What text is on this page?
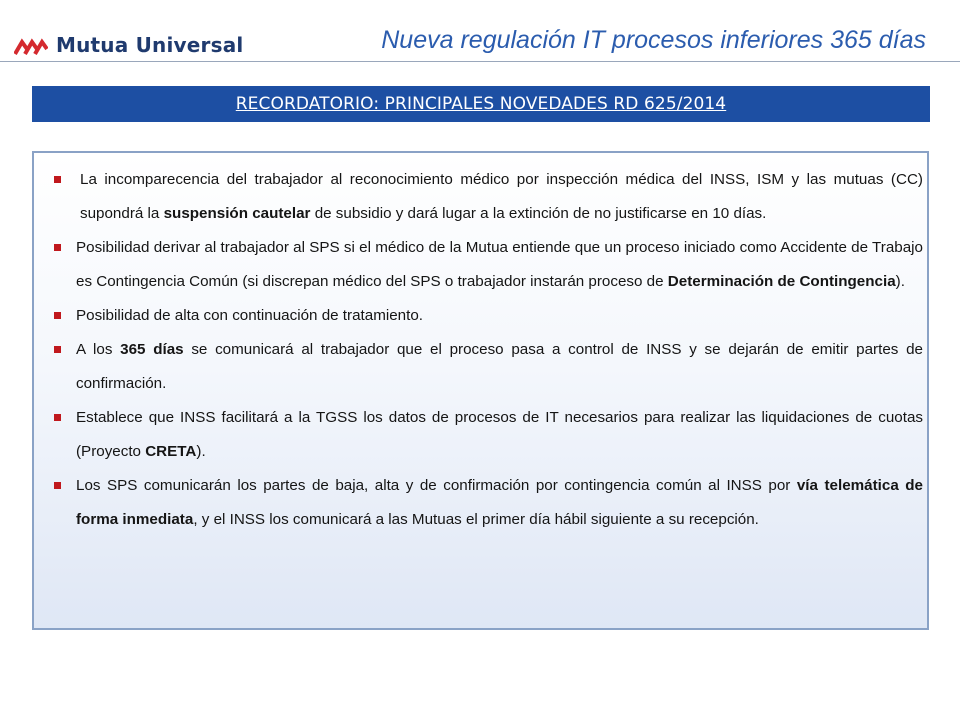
Mutua Universal	Nueva regulación IT procesos inferiores 365 días
RECORDATORIO: PRINCIPALES NOVEDADES RD 625/2014
La incomparecencia del trabajador al reconocimiento médico por inspección médica del INSS, ISM y las mutuas (CC) supondrá la suspensión cautelar de subsidio y dará lugar a la extinción de no justificarse en 10 días.
Posibilidad derivar al trabajador al SPS si el médico de la Mutua entiende que un proceso iniciado como Accidente de Trabajo es Contingencia Común (si discrepan médico del SPS o trabajador instarán proceso de Determinación de Contingencia).
Posibilidad de alta con continuación de tratamiento.
A los 365 días se comunicará al trabajador que el proceso pasa a control de INSS y se dejarán de emitir partes de confirmación.
Establece que INSS facilitará a la TGSS los datos de procesos de IT necesarios para realizar las liquidaciones de cuotas (Proyecto CRETA).
Los SPS comunicarán los partes de baja, alta y de confirmación por contingencia común al INSS por vía telemática de forma inmediata, y el INSS los comunicará a las Mutuas el primer día hábil siguiente a su recepción.
